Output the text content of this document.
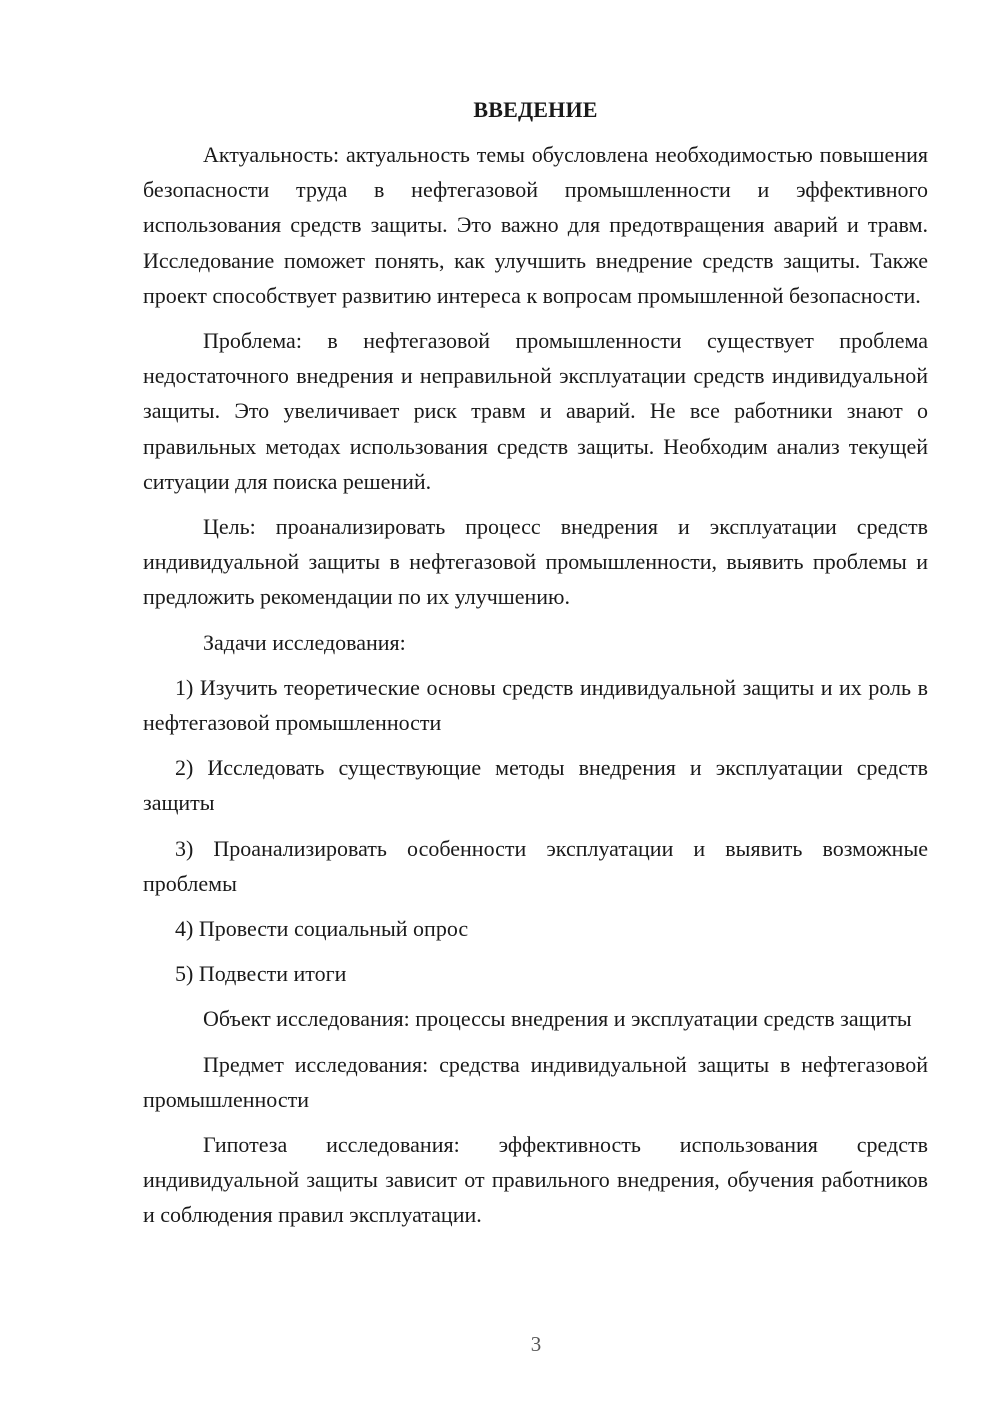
ВВЕДЕНИЕ

Актуальность: актуальность темы обусловлена необходимостью повышения безопасности труда в нефтегазовой промышленности и эффективного использования средств защиты. Это важно для предотвращения аварий и травм. Исследование поможет понять, как улучшить внедрение средств защиты. Также проект способствует развитию интереса к вопросам промышленной безопасности.

Проблема: в нефтегазовой промышленности существует проблема недостаточного внедрения и неправильной эксплуатации средств индивидуальной защиты. Это увеличивает риск травм и аварий. Не все работники знают о правильных методах использования средств защиты. Необходим анализ текущей ситуации для поиска решений.

Цель: проанализировать процесс внедрения и эксплуатации средств индивидуальной защиты в нефтегазовой промышленности, выявить проблемы и предложить рекомендации по их улучшению.

Задачи исследования:

1) Изучить теоретические основы средств индивидуальной защиты и их роль в нефтегазовой промышленности

2) Исследовать существующие методы внедрения и эксплуатации средств защиты

3) Проанализировать особенности эксплуатации и выявить возможные проблемы

4) Провести социальный опрос

5) Подвести итоги

Объект исследования: процессы внедрения и эксплуатации средств защиты

Предмет исследования: средства индивидуальной защиты в нефтегазовой промышленности

Гипотеза исследования: эффективность использования средств индивидуальной защиты зависит от правильного внедрения, обучения работников и соблюдения правил эксплуатации.

3
